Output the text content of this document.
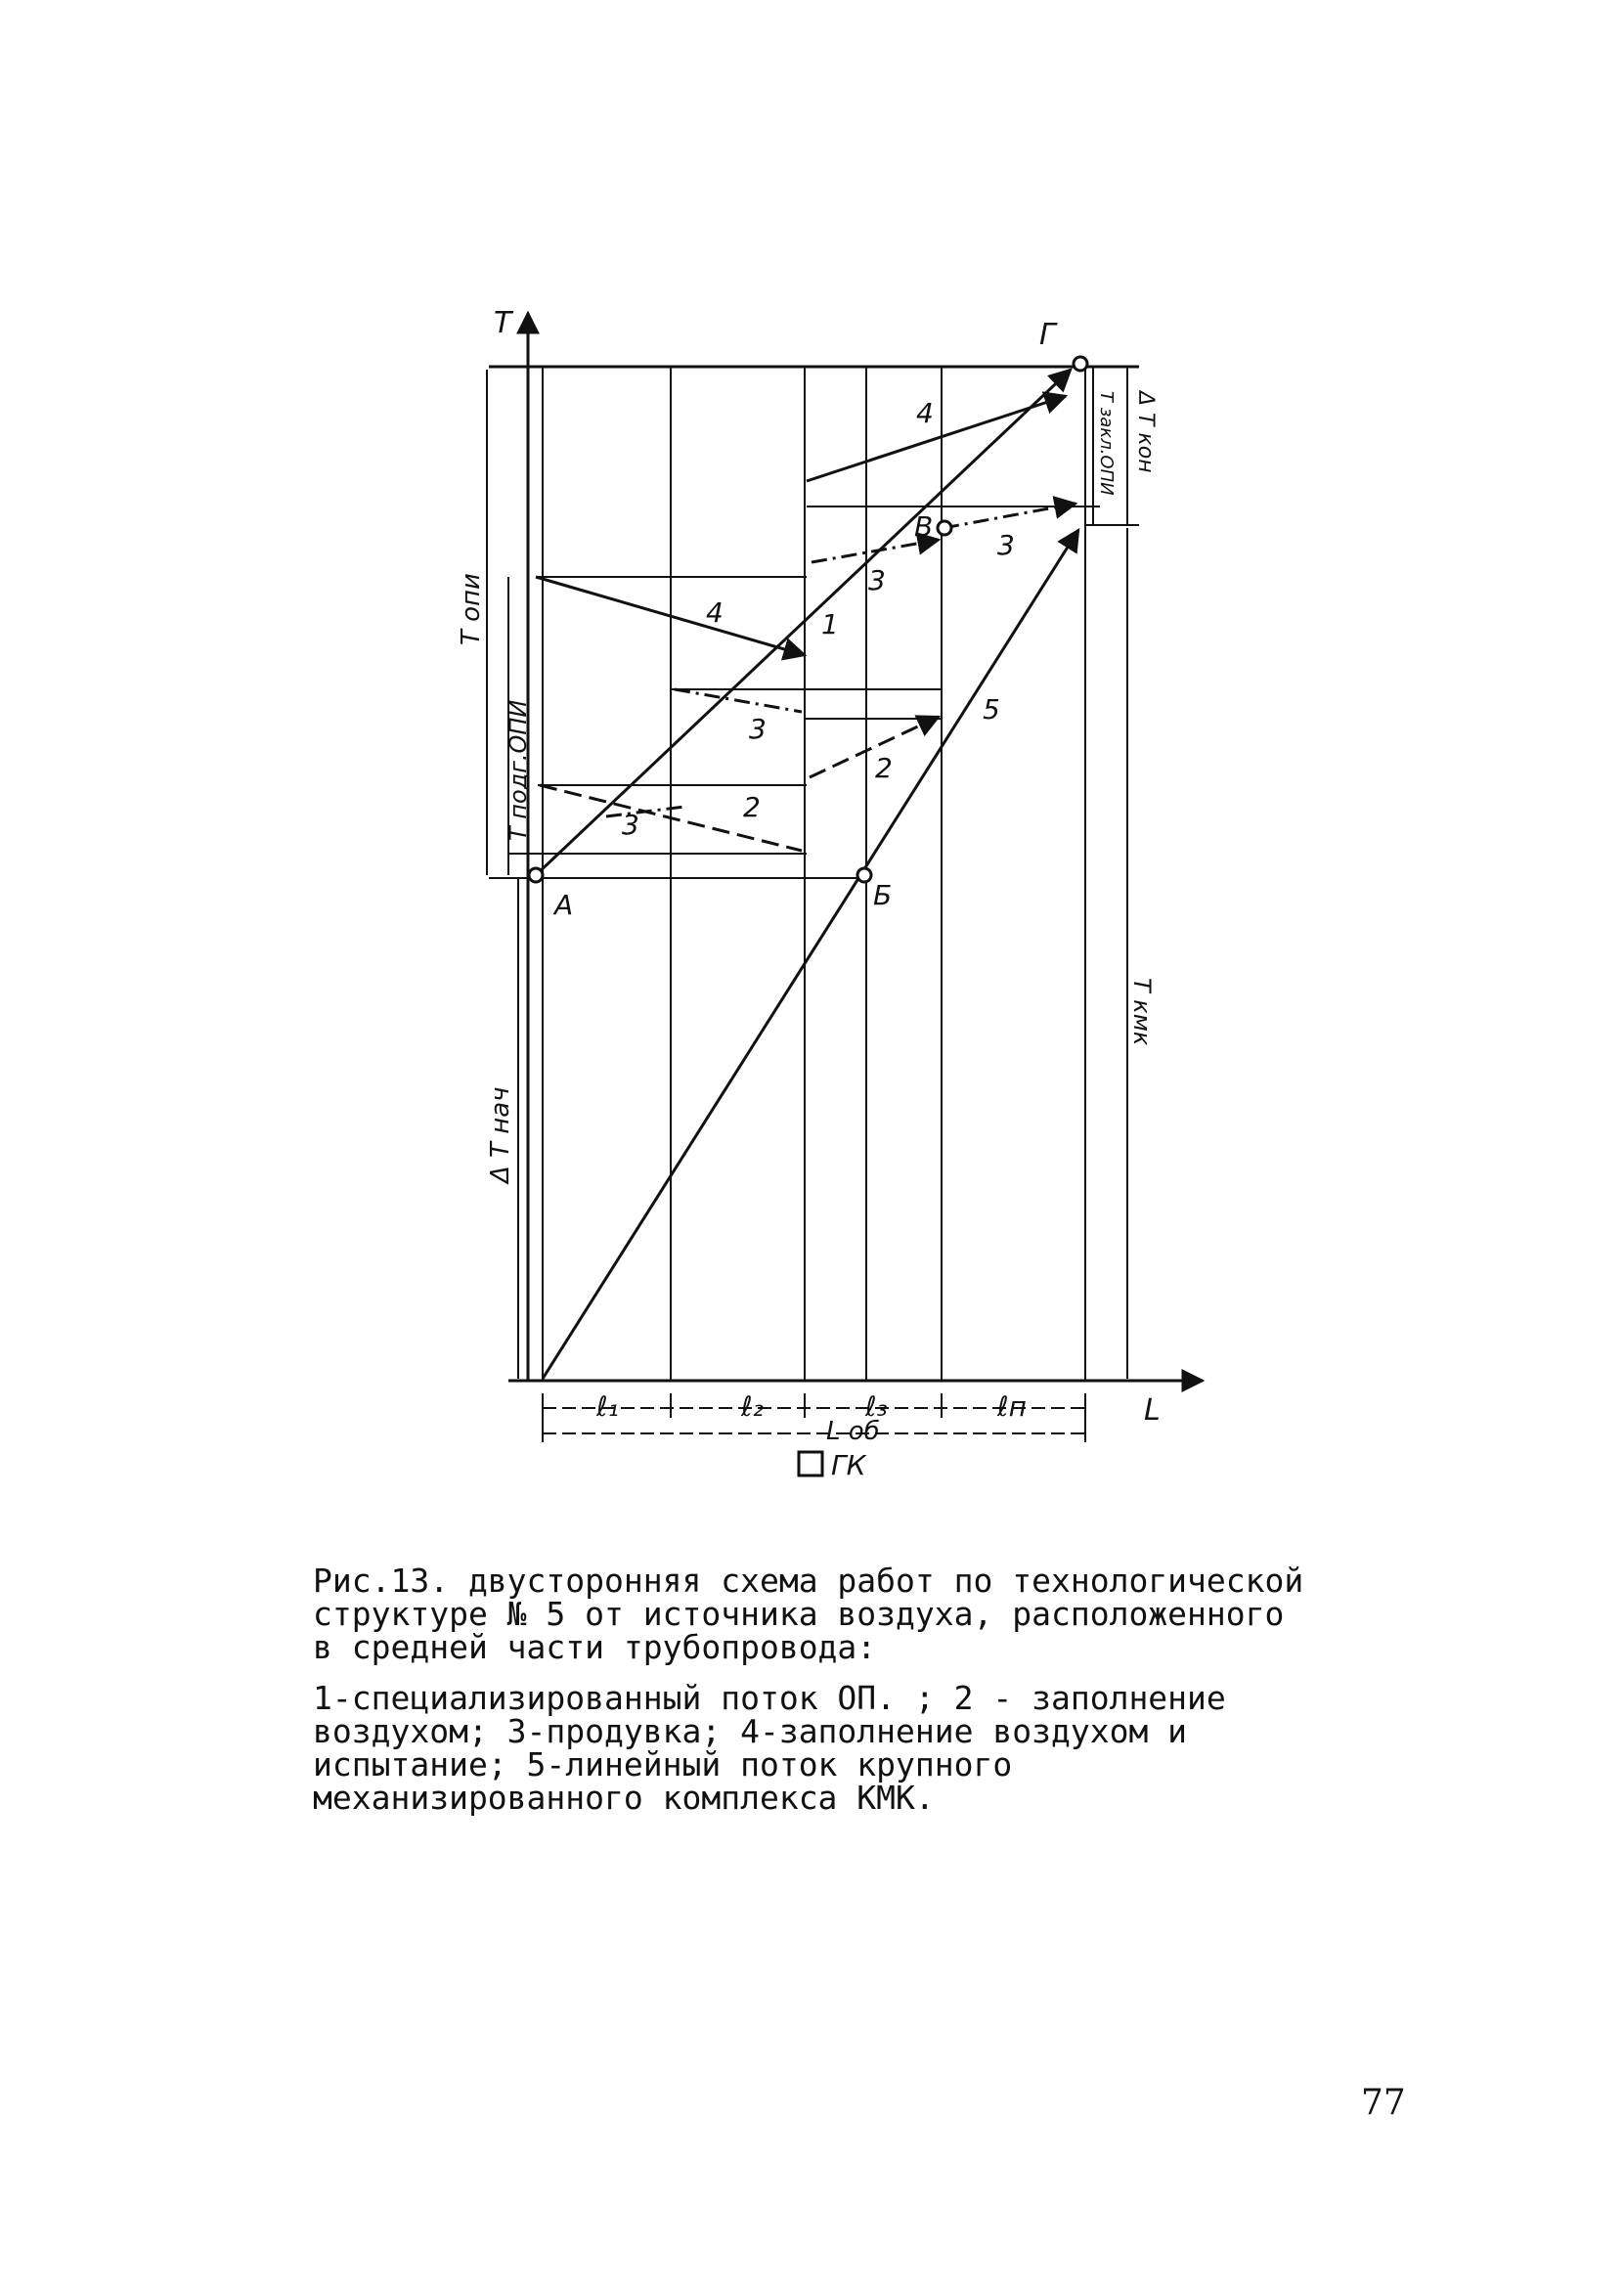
T
L
А	Б
В
Г
4
3
3
1
4
3
5
2
2
3
T опи
T подг.ОПИ
Δ T нач
T кмк
Δ T кон
T закл.ОПИ
ℓ₁	ℓ₂	ℓ₃	ℓп
L об
ГК
Рис.13. двусторонняя схема работ по технологической структуре № 5 от источника воздуха, расположенного в средней части трубопровода:
1-специализированный поток ОП. ; 2 - заполнение воздухом; 3-продувка; 4-заполнение воздухом и испытание; 5-линейный поток крупного механизированного комплекса КМК.
77
